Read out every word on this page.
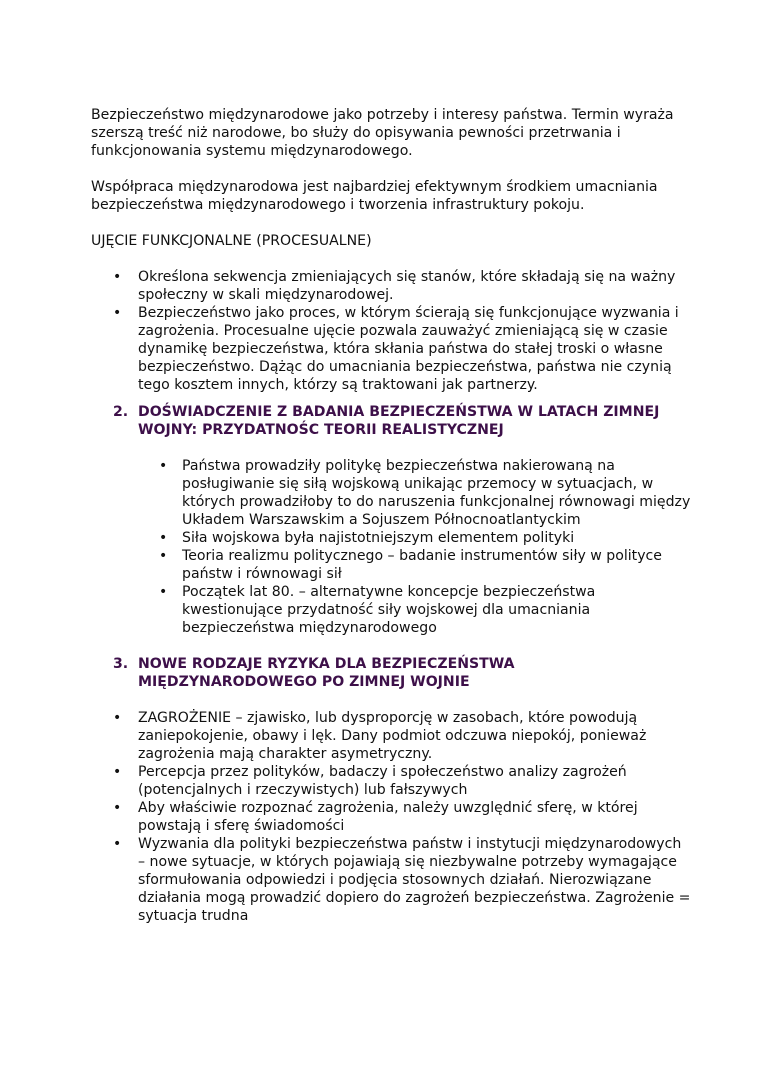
Bezpieczeństwo międzynarodowe jako potrzeby i interesy państwa. Termin wyraża szerszą treść niż narodowe, bo służy do opisywania pewności przetrwania i funkcjonowania systemu międzynarodowego.

Współpraca międzynarodowa jest najbardziej efektywnym środkiem umacniania bezpieczeństwa międzynarodowego i tworzenia infrastruktury pokoju.

UJĘCIE FUNKCJONALNE (PROCESUALNE)

• Określona sekwencja zmieniających się stanów, które składają się na ważny społeczny w skali międzynarodowej.
• Bezpieczeństwo jako proces, w którym ścierają się funkcjonujące wyzwania i zagrożenia. Procesualne ujęcie pozwala zauważyć zmieniającą się w czasie dynamikę bezpieczeństwa, która skłania państwa do stałej troski o własne bezpieczeństwo. Dążąc do umacniania bezpieczeństwa, państwa nie czynią tego kosztem innych, którzy są traktowani jak partnerzy.
2. DOŚWIADCZENIE Z BADANIA BEZPIECZEŃSTWA W LATACH ZIMNEJ WOJNY: PRZYDATNOŚC TEORII REALISTYCZNEJ
• Państwa prowadziły politykę bezpieczeństwa nakierowaną na posługiwanie się siłą wojskową unikając przemocy w sytuacjach, w których prowadziłoby to do naruszenia funkcjonalnej równowagi między Układem Warszawskim a Sojuszem Północnoatlantyckim
• Siła wojskowa była najistotniejszym elementem polityki
• Teoria realizmu politycznego – badanie instrumentów siły w polityce państw i równowagi sił
• Początek lat 80. – alternatywne koncepcje bezpieczeństwa kwestionujące przydatność siły wojskowej dla umacniania bezpieczeństwa międzynarodowego
3. NOWE RODZAJE RYZYKA DLA BEZPIECZEŃSTWA MIĘDZYNARODOWEGO PO ZIMNEJ WOJNIE
• ZAGROŻENIE – zjawisko, lub dysproporcję w zasobach, które powodują zaniepokojenie, obawy i lęk. Dany podmiot odczuwa niepokój, ponieważ zagrożenia mają charakter asymetryczny.
• Percepcja przez polityków, badaczy i społeczeństwo analizy zagrożeń (potencjalnych i rzeczywistych) lub fałszywych
• Aby właściwie rozpoznać zagrożenia, należy uwzględnić sferę, w której powstają i sferę świadomości
• Wyzwania dla polityki bezpieczeństwa państw i instytucji międzynarodowych – nowe sytuacje, w których pojawiają się niezbywalne potrzeby wymagające sformułowania odpowiedzi i podjęcia stosownych działań. Nierozwiązane działania mogą prowadzić dopiero do zagrożeń bezpieczeństwa. Zagrożenie = sytuacja trudna
